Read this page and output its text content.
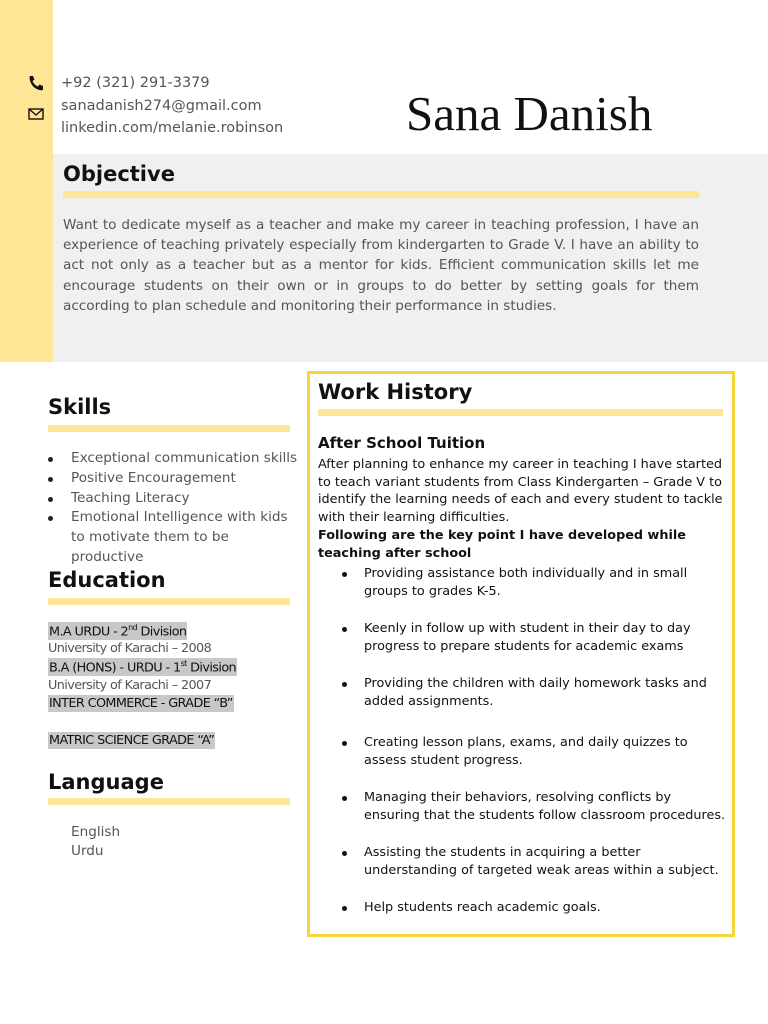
+92 (321) 291-3379
sanadanish274@gmail.com
linkedin.com/melanie.robinson	Sana Danish
Objective

Want to dedicate myself as a teacher and make my career in teaching profession, I have an experience of teaching privately especially from kindergarten to Grade V. I have an ability to act not only as a teacher but as a mentor for kids. Efficient communication skills let me encourage students on their own or in groups to do better by setting goals for them according to plan schedule and monitoring their performance in studies.

Skills
Exceptional communication skills
Positive Encouragement
Teaching Literacy
Emotional Intelligence with kids to motivate them to be productive
Education
M.A URDU - 2nd Division
University of Karachi – 2008
B.A (HONS) - URDU - 1st Division
University of Karachi – 2007
INTER COMMERCE - GRADE “B”
MATRIC SCIENCE GRADE “A”
Language
English
Urdu
Work History
After School Tuition

After planning to enhance my career in teaching I have started to teach variant students from Class Kindergarten – Grade V to identify the learning needs of each and every student to tackle with their learning difficulties.

Following are the key point I have developed while teaching after school

Providing assistance both individually and in small groups to grades K-5.

Keenly in follow up with student in their day to day progress to prepare students for academic exams

Providing the children with daily homework tasks and added assignments.

Creating lesson plans, exams, and daily quizzes to assess student progress.

Managing their behaviors, resolving conflicts by ensuring that the students follow classroom procedures.

Assisting the students in acquiring a better understanding of targeted weak areas within a subject.

Help students reach academic goals.
